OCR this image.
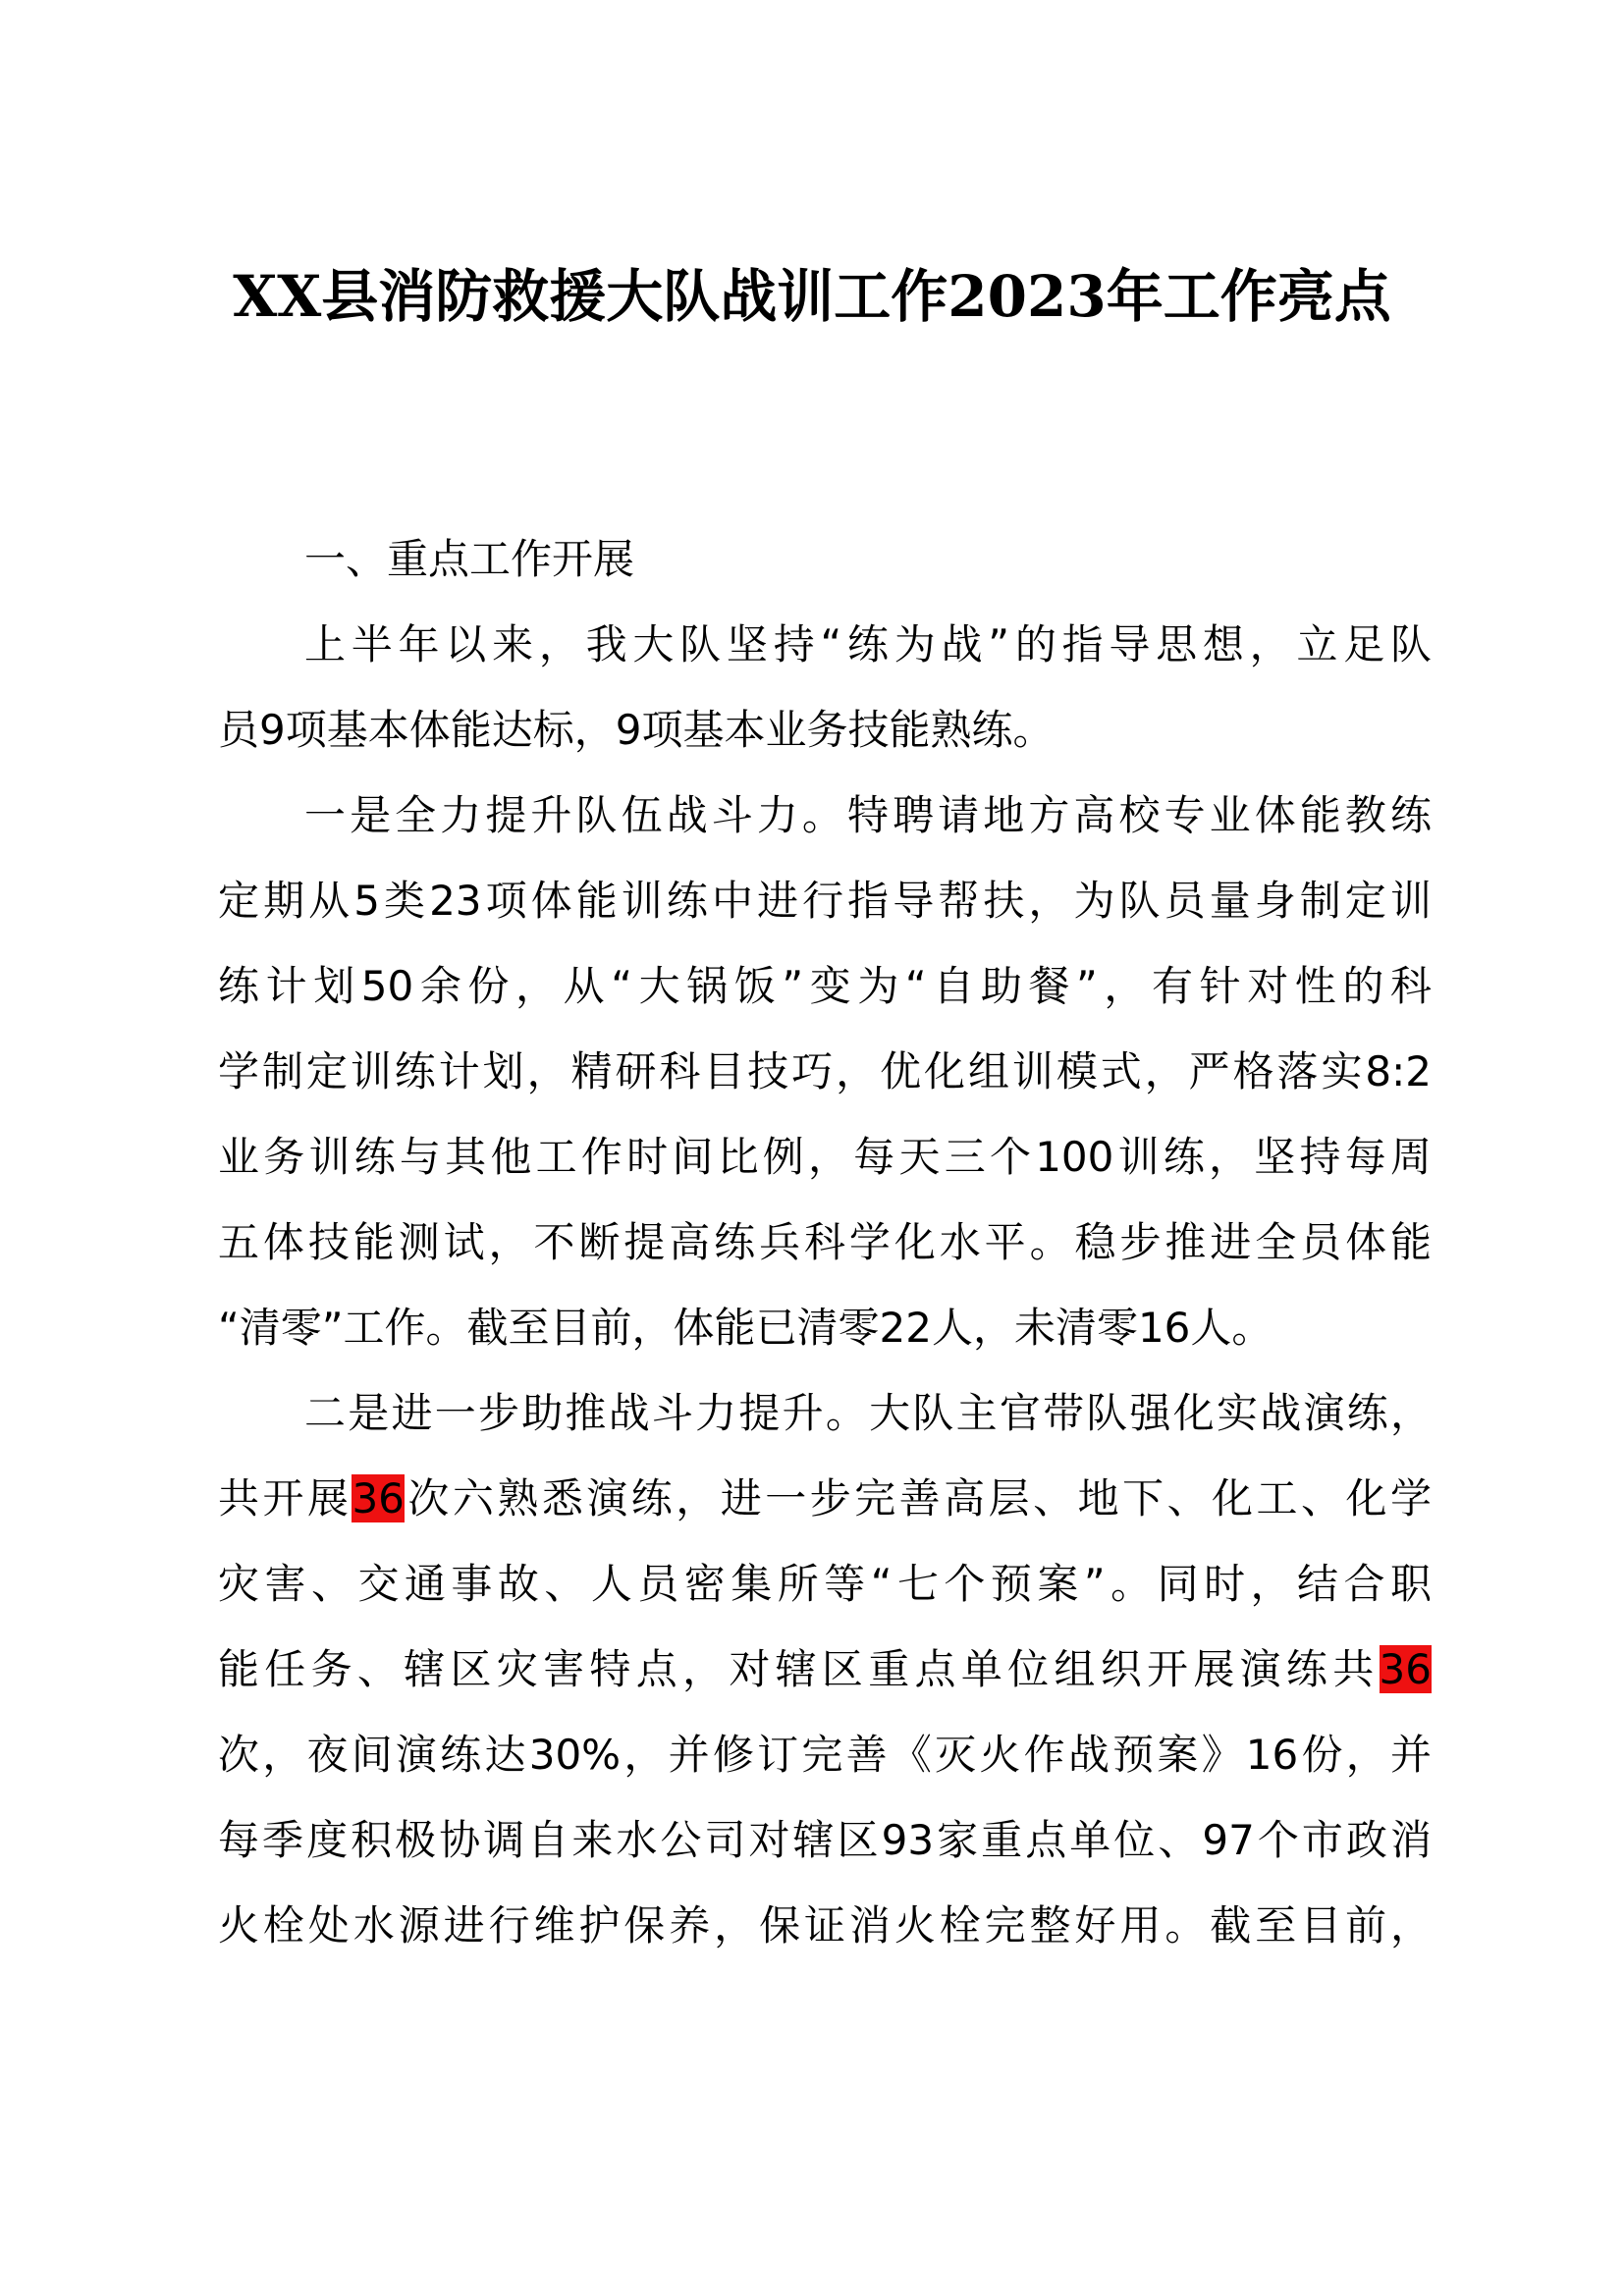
XX县消防救援大队战训工作2023年工作亮点

一、重点工作开展

上半年以来，我大队坚持“练为战”的指导思想，立足队

员9项基本体能达标，9项基本业务技能熟练。

一是全力提升队伍战斗力。特聘请地方高校专业体能教练

定期从5类23项体能训练中进行指导帮扶，为队员量身制定训

练计划50余份，从“大锅饭”变为“自助餐”，有针对性的科

学制定训练计划，精研科目技巧，优化组训模式，严格落实8:2

业务训练与其他工作时间比例，每天三个100训练，坚持每周

五体技能测试，不断提高练兵科学化水平。稳步推进全员体能

“清零”工作。截至目前，体能已清零22人，未清零16人。

二是进一步助推战斗力提升。大队主官带队强化实战演练，

共开展36次六熟悉演练，进一步完善高层、地下、化工、化学

灾害、交通事故、人员密集所等“七个预案”。同时，结合职

能任务、辖区灾害特点，对辖区重点单位组织开展演练共36

次，夜间演练达30%，并修订完善《灭火作战预案》16份，并

每季度积极协调自来水公司对辖区93家重点单位、97个市政消

火栓处水源进行维护保养，保证消火栓完整好用。截至目前，
